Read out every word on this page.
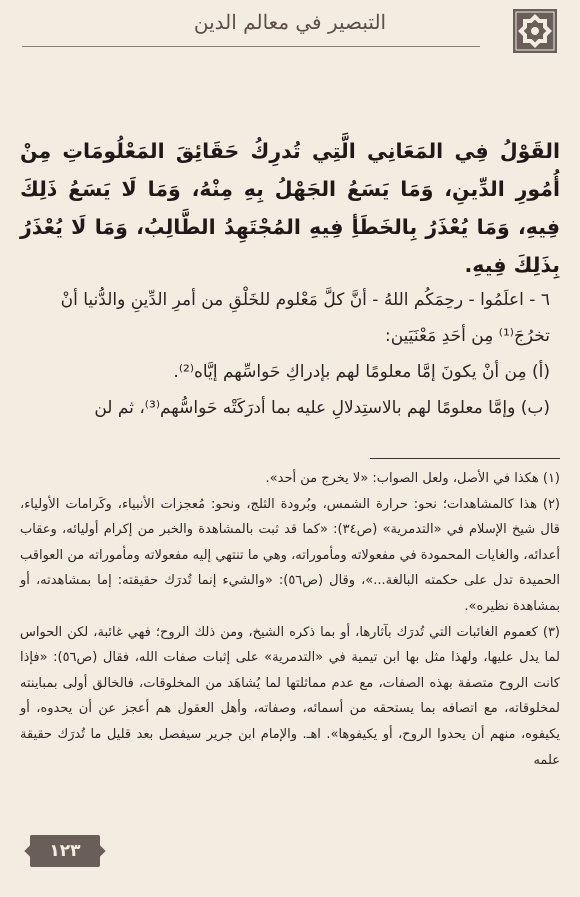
التبصير في معالم الدين
القَوْلُ فِي المَعَانِي الَّتِي تُدرِكُ حَقَائِقَ المَعْلُومَاتِ مِنْ أُمُورِ الدِّينِ، وَمَا يَسَعُ الجَهْلُ بِهِ مِنْهُ، وَمَا لَا يَسَعُ ذَلِكَ فِيهِ، وَمَا يُعْذَرُ بِالخَطَأِ فِيهِ المُجْتَهِدُ الطَّالِبُ، وَمَا لَا يُعْذَرُ بِذَلِكَ فِيهِ.

٦ - اعلَمُوا - رحِمَكُم اللهُ - أنَّ كلَّ مَعْلوم للخَلْقِ من أمرِ الدِّينِ والدُّنيا أنْ تخرُجَ⁽¹⁾ مِن أحَدِ مَعْنَيَين:

(أ) مِن أنْ يكونَ إمَّا معلومًا لهم بإدراكِ حَواسِّهم إيَّاه⁽²⁾.

(ب) وإمَّا معلومًا لهم بالاستِدلالِ عليه بما أدرَكَتْه حَواسُّهم⁽³⁾، ثم لن

(١) هكذا في الأصل، ولعل الصواب: «لا يخرج من أحد».

(٢) هذا كالمشاهدات؛ نحو: حرارة الشمس، وبُرودة الثلج، ونحو: مُعجزات الأنبياء، وكَرامات الأولياء، قال شيخ الإسلام في «التدمرية» (ص٣٤): «كما قد ثبت بالمشاهدة والخبر من إكرام أوليائه، وعقاب أعدائه، والغايات المحمودة في مفعولاته ومأموراته، وهي ما تنتهي إليه مفعولاته ومأموراته من العواقب الحميدة تدل على حكمته البالغة...»، وقال (ص٥٦): «والشيء إنما تُدرَك حقيقته: إما بمشاهدته، أو بمشاهدة نظيره».

(٣) كعموم الغائبات التي تُدرَك بآثارها، أو بما ذكره الشيخ، ومن ذلك الروح؛ فهي غائبة، لكن الحواس لما يدل عليها، ولهذا مثل بها ابن تيمية في «التدمرية» على إثبات صفات الله، فقال (ص٥٦): «فإذا كانت الروح متصفة بهذه الصفات، مع عدم مماثلتها لما يُشاهَد من المخلوقات، فالخالق أولى بمباينته لمخلوقاته، مع اتصافه بما يستحقه من أسمائه، وصفاته، وأهل العقول هم أعجز عن أن يحدوه، أو يكيفوه، منهم أن يحدوا الروح، أو يكيفوها». اهـ. والإمام ابن جرير سيفصل بعد قليل ما تُدرَك حقيقة علمه

١٢٣
